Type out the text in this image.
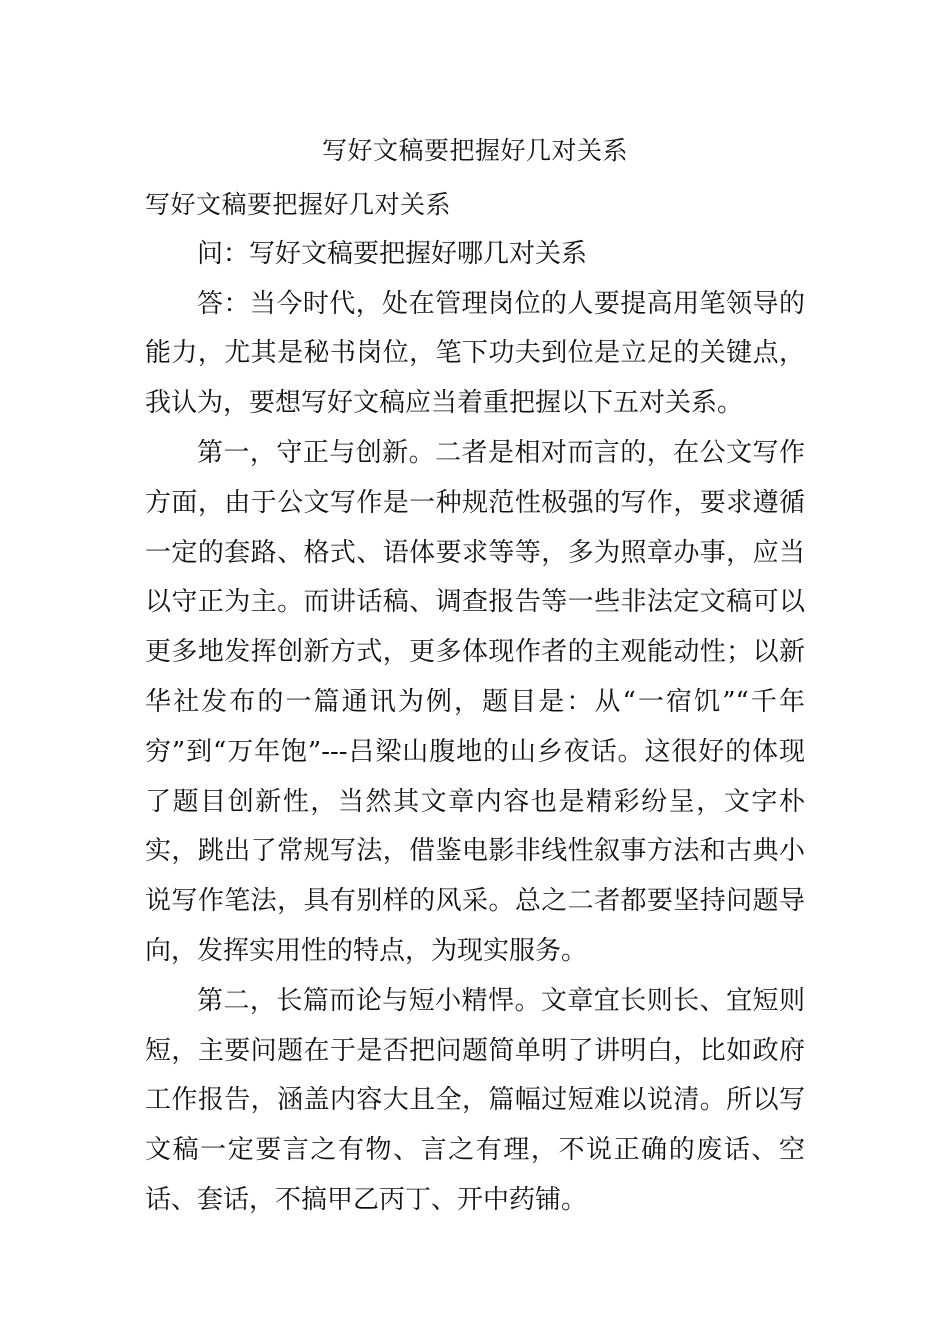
写好文稿要把握好几对关系

写好文稿要把握好几对关系

问：写好文稿要把握好哪几对关系

答：当今时代，处在管理岗位的人要提高用笔领导的能力，尤其是秘书岗位，笔下功夫到位是立足的关键点，我认为，要想写好文稿应当着重把握以下五对关系。

第一，守正与创新。二者是相对而言的，在公文写作方面，由于公文写作是一种规范性极强的写作，要求遵循一定的套路、格式、语体要求等等，多为照章办事，应当以守正为主。而讲话稿、调查报告等一些非法定文稿可以更多地发挥创新方式，更多体现作者的主观能动性；以新华社发布的一篇通讯为例，题目是：从“一宿饥”“千年穷”到“万年饱”---吕梁山腹地的山乡夜话。这很好的体现了题目创新性，当然其文章内容也是精彩纷呈，文字朴实，跳出了常规写法，借鉴电影非线性叙事方法和古典小说写作笔法，具有别样的风采。总之二者都要坚持问题导向，发挥实用性的特点，为现实服务。

第二，长篇而论与短小精悍。文章宜长则长、宜短则短，主要问题在于是否把问题简单明了讲明白，比如政府工作报告，涵盖内容大且全，篇幅过短难以说清。所以写文稿一定要言之有物、言之有理，不说正确的废话、空话、套话，不搞甲乙丙丁、开中药铺。
